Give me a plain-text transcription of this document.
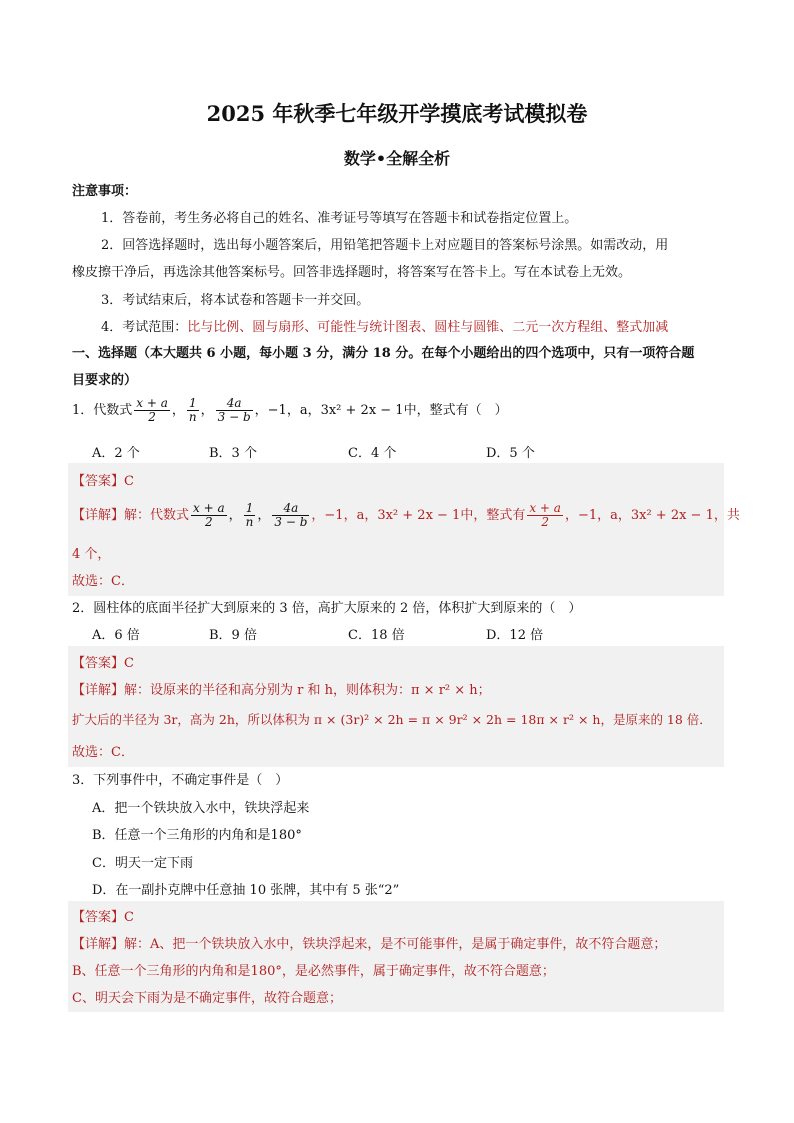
2025 年秋季七年级开学摸底考试模拟卷
数学•全解全析
注意事项：
1．答卷前，考生务必将自己的姓名、准考证号等填写在答题卡和试卷指定位置上。
2．回答选择题时，选出每小题答案后，用铅笔把答题卡上对应题目的答案标号涂黑。如需改动，用
橡皮擦干净后，再选涂其他答案标号。回答非选择题时，将答案写在答卡上。写在本试卷上无效。
3．考试结束后，将本试卷和答题卡一并交回。
4．考试范围：比与比例、圆与扇形、可能性与统计图表、圆柱与圆锥、二元一次方程组、整式加减
一、选择题（本大题共 6 小题，每小题 3 分，满分 18 分。在每个小题给出的四个选项中，只有一项符合题
目要求的）
1．代数式 $\frac{x + a}{2}$ ， $\frac{1}{n}$ ， $\frac{4a}{3 - b}$ ，−1，a，3x² + 2x − 1中，整式有（　）
A．2 个	B．3 个	C．4 个	D．5 个
【答案】C
【详解】解：代数式 $\frac{x + a}{2}$ ， $\frac{1}{n}$ ， $\frac{4a}{3 - b}$ ，−1，a，3x² + 2x − 1中，整式有 $\frac{x + a}{2}$ ，−1，a，3x² + 2x − 1，共
4 个，
故选：C．
2．圆柱体的底面半径扩大到原来的 3 倍，高扩大原来的 2 倍，体积扩大到原来的（　）
A．6 倍	B．9 倍	C．18 倍	D．12 倍
【答案】C
【详解】解：设原来的半径和高分别为 r 和 h，则体积为：π × r² × h；
扩大后的半径为 3r，高为 2h，所以体积为 π × (3r)² × 2h = π × 9r² × 2h = 18π × r² × h，是原来的 18 倍．
故选：C．
3．下列事件中，不确定事件是（　）
A．把一个铁块放入水中，铁块浮起来
B．任意一个三角形的内角和是180°
C．明天一定下雨
D．在一副扑克牌中任意抽 10 张牌，其中有 5 张“2”
【答案】C
【详解】解：A、把一个铁块放入水中，铁块浮起来，是不可能事件，是属于确定事件，故不符合题意；
B、任意一个三角形的内角和是180°，是必然事件，属于确定事件，故不符合题意；
C、明天会下雨为是不确定事件，故符合题意；
